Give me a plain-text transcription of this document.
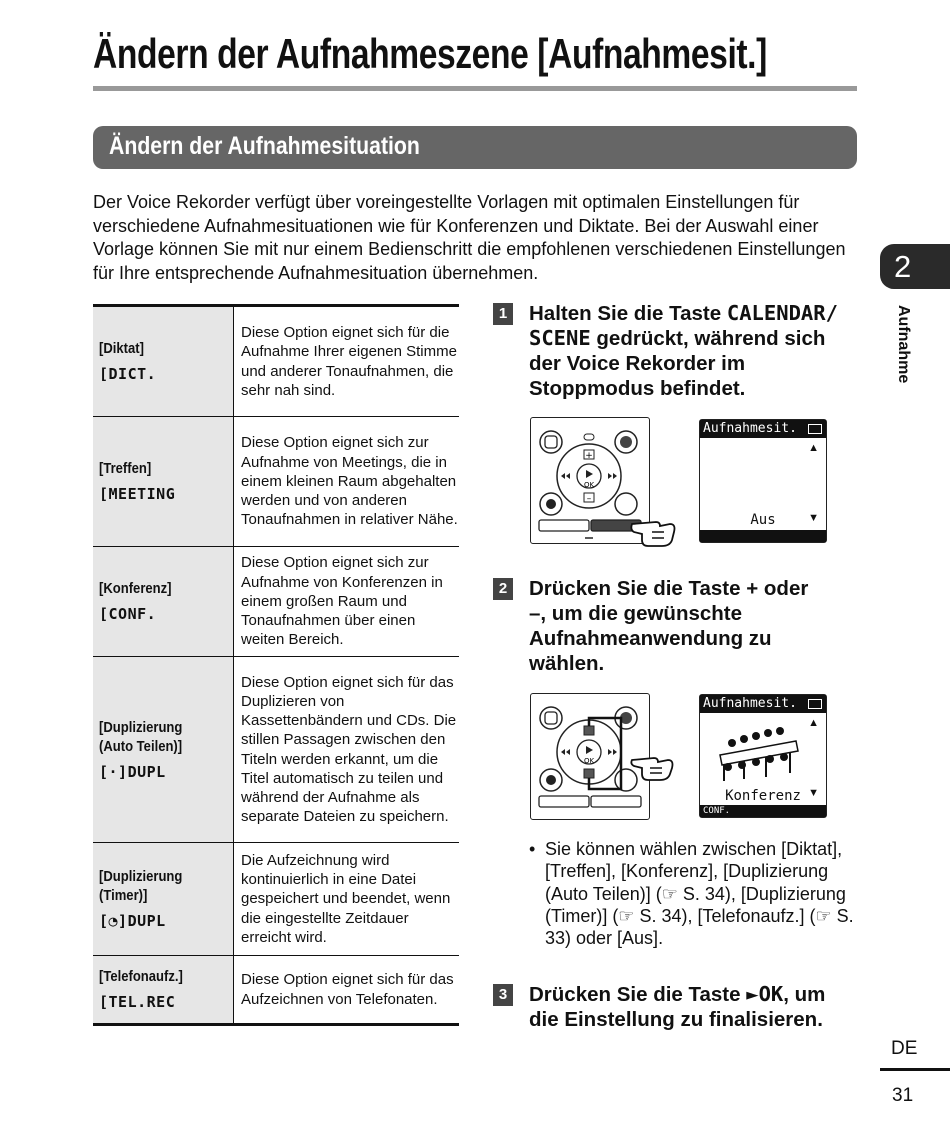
Ändern der Aufnahmeszene [Aufnahmesit.]
Ändern der Aufnahmesituation

Der Voice Rekorder verfügt über voreingestellte Vorlagen mit optimalen Einstellungen für verschiedene Aufnahmesituationen wie für Konferenzen und Diktate. Bei der Auswahl einer Vorlage können Sie mit nur einem Bedienschritt die empfohlenen verschiedenen Einstellungen für Ihre entsprechende Aufnahmesituation übernehmen.

[Diktat]
[DICT.	Diese Option eignet sich für die Aufnahme Ihrer eigenen Stimme und anderer Tonaufnahmen, die sehr nah sind.

[Treffen]
[MEETING	Diese Option eignet sich zur Aufnahme von Meetings, die in einem kleinen Raum abgehalten werden und von anderen Tonaufnahmen in relativer Nähe.

[Konferenz]
[CONF.	Diese Option eignet sich zur Aufnahme von Konferenzen in einem großen Raum und Tonaufnahmen über einen weiten Bereich.

[Duplizierung (Auto Teilen)]
[·]DUPL	Diese Option eignet sich für das Duplizieren von Kassettenbändern und CDs. Die stillen Passagen zwischen den Titeln werden erkannt, um die Titel automatisch zu teilen und während der Aufnahme als separate Dateien zu speichern.

[Duplizierung (Timer)]
[◔]DUPL	Die Aufzeichnung wird kontinuierlich in eine Datei gespeichert und beendet, wenn die eingestellte Zeitdauer erreicht wird.

[Telefonaufz.]
[TEL.REC	Diese Option eignet sich für das Aufzeichnen von Telefonaten.
1 Halten Sie die Taste CALENDAR/ SCENE gedrückt, während sich der Voice Rekorder im Stoppmodus befindet.

OK
+
–
Aufnahmesit.
▲
Aus	▼
2 Drücken Sie die Taste + oder –, um die gewünschte Aufnahmeanwendung zu wählen.

OK
Aufnahmesit.
▲
Konferenz ▼
CONF.

• Sie können wählen zwischen [Diktat], [Treffen], [Konferenz], [Duplizierung (Auto Teilen)] (☞ S. 34), [Duplizierung (Timer)] (☞ S. 34), [Telefonaufz.] (☞ S. 33) oder [Aus].

3 Drücken Sie die Taste ►OK, um die Einstellung zu finalisieren.

2
Aufnahme
DE
31
